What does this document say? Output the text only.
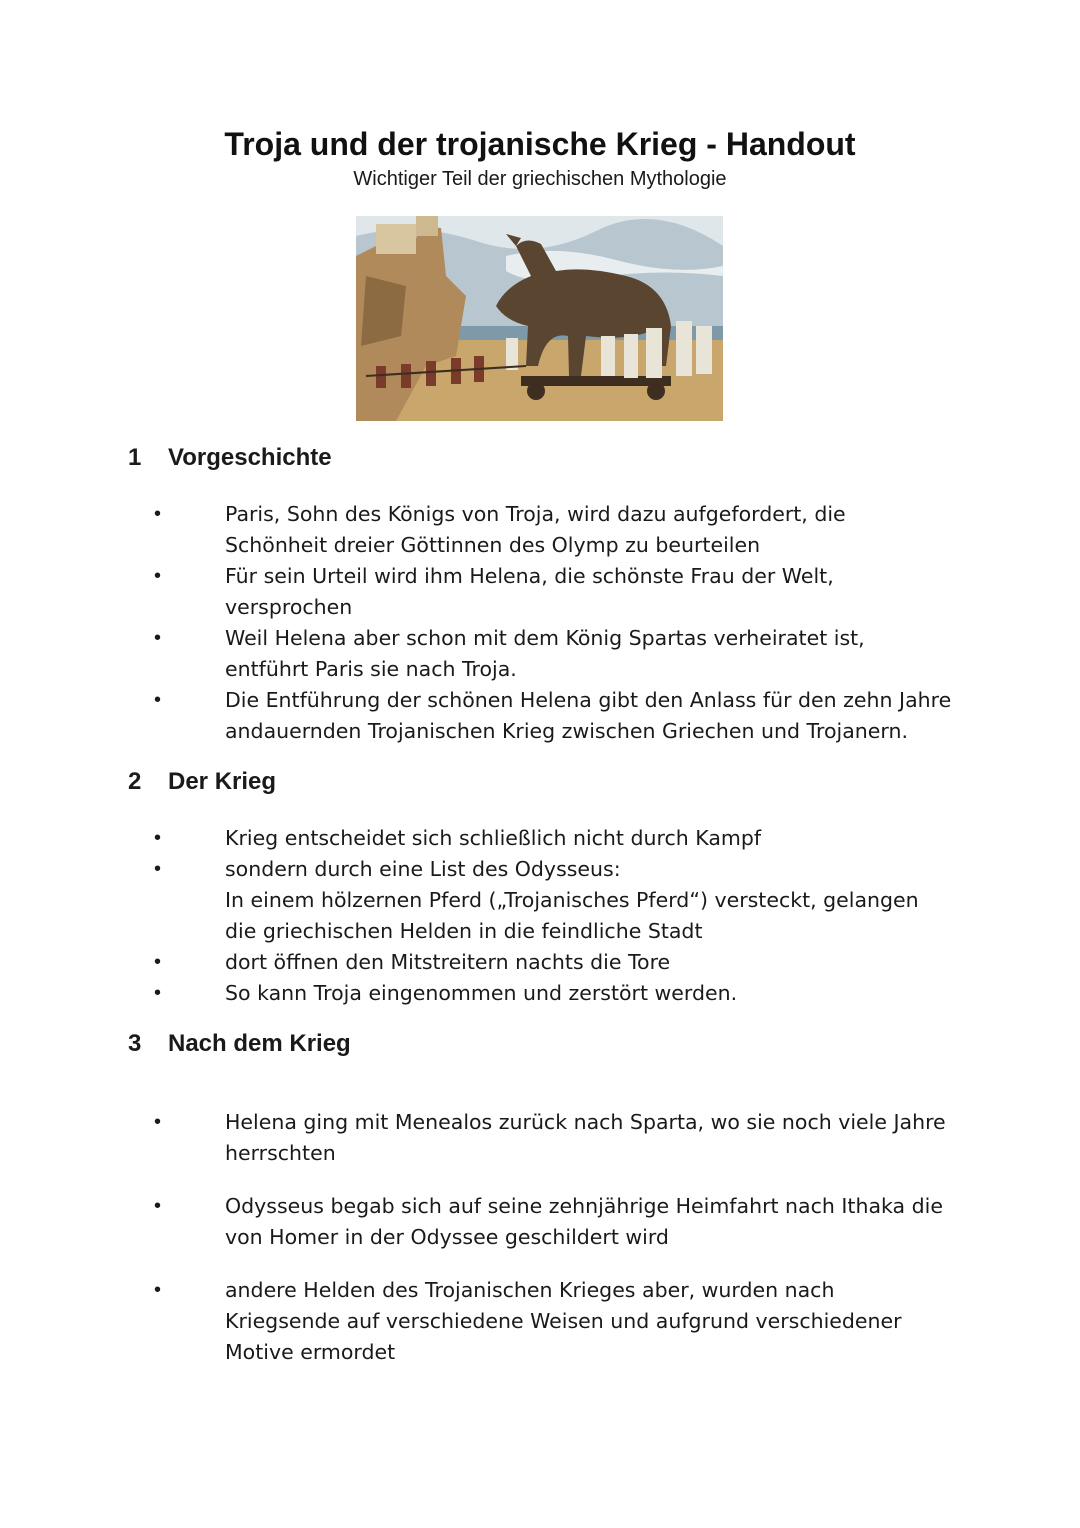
Troja und der trojanische Krieg - Handout
Wichtiger Teil der griechischen Mythologie
1 Vorgeschichte
•	Paris, Sohn des Königs von Troja, wird dazu aufgefordert, die
Schönheit dreier Göttinnen des Olymp zu beurteilen
•	Für sein Urteil wird ihm Helena, die schönste Frau der Welt,
versprochen
•	Weil Helena aber schon mit dem König Spartas verheiratet ist,
entführt Paris sie nach Troja.
•	Die Entführung der schönen Helena gibt den Anlass für den zehn Jahre
andauernden Trojanischen Krieg zwischen Griechen und Trojanern.
2 Der Krieg
•	Krieg entscheidet sich schließlich nicht durch Kampf
•	sondern durch eine List des Odysseus:
In einem hölzernen Pferd („Trojanisches Pferd“) versteckt, gelangen
die griechischen Helden in die feindliche Stadt
•	dort öffnen den Mitstreitern nachts die Tore
•	So kann Troja eingenommen und zerstört werden.
3 Nach dem Krieg
•	Helena ging mit Menealos zurück nach Sparta, wo sie noch viele Jahre
herrschten
•	Odysseus begab sich auf seine zehnjährige Heimfahrt nach Ithaka die
von Homer in der Odyssee geschildert wird
•	andere Helden des Trojanischen Krieges aber, wurden nach
Kriegsende auf verschiedene Weisen und aufgrund verschiedener
Motive ermordet
